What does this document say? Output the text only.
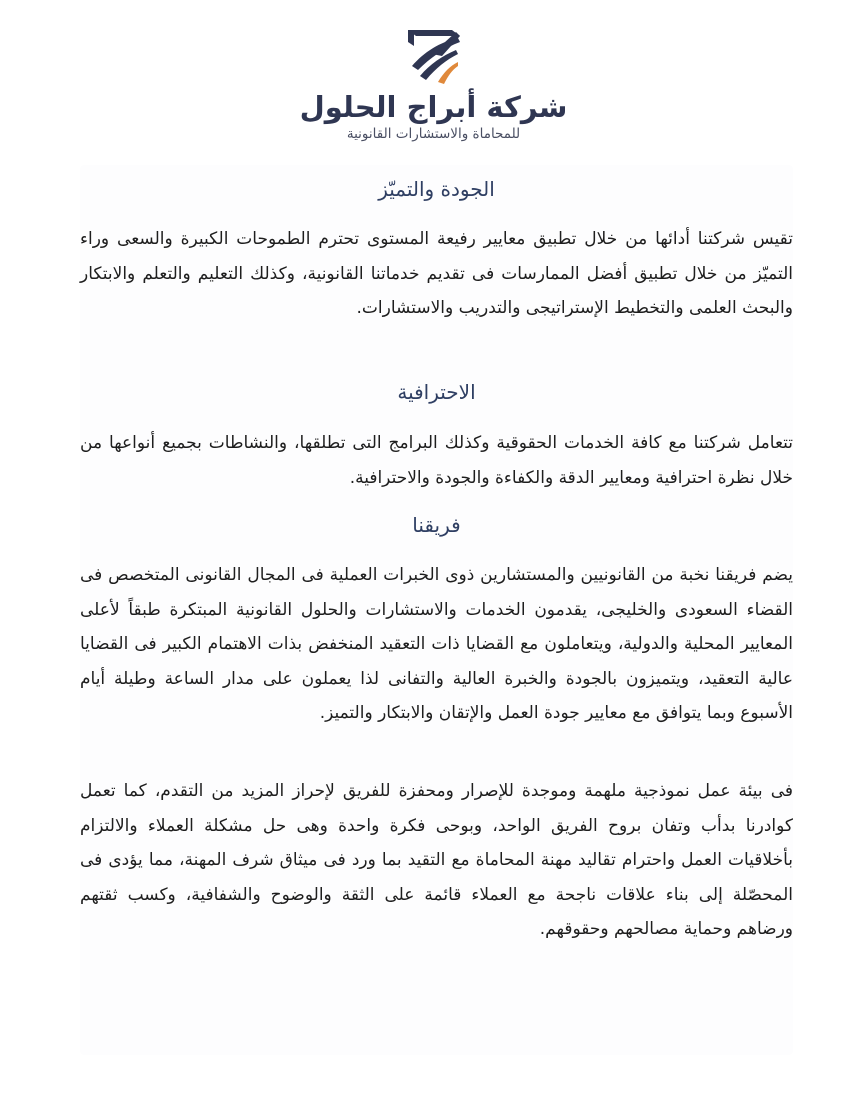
شركة أبراج الحلول
للمحاماة والاستشارات القانونية
الجودة والتميّز

تقيس شركتنا أدائها من خلال تطبيق معايير رفيعة المستوى تحترم الطموحات الكبيرة والسعى وراء التميّز من خلال تطبيق أفضل الممارسات فى تقديم خدماتنا القانونية، وكذلك التعليم والتعلم والابتكار والبحث العلمى والتخطيط الإستراتيجى والتدريب والاستشارات.

الاحترافية

تتعامل شركتنا مع كافة الخدمات الحقوقية وكذلك البرامج التى تطلقها، والنشاطات بجميع أنواعها من خلال نظرة احترافية ومعايير الدقة والكفاءة والجودة والاحترافية.

فريقنا

يضم فريقنا نخبة من القانونيين والمستشارين ذوى الخبرات العملية فى المجال القانونى المتخصص فى القضاء السعودى والخليجى، يقدمون الخدمات والاستشارات والحلول القانونية المبتكرة طبقاً لأعلى المعايير المحلية والدولية، ويتعاملون مع القضايا ذات التعقيد المنخفض بذات الاهتمام الكبير فى القضايا عالية التعقيد، ويتميزون بالجودة والخبرة العالية والتفانى لذا يعملون على مدار الساعة وطيلة أيام الأسبوع وبما يتوافق مع معايير جودة العمل والإتقان والابتكار والتميز.

فى بيئة عمل نموذجية ملهمة وموجدة للإصرار ومحفزة للفريق لإحراز المزيد من التقدم، كما تعمل كوادرنا بدأب وتفان بروح الفريق الواحد، وبوحى فكرة واحدة وهى حل مشكلة العملاء والالتزام بأخلاقيات العمل واحترام تقاليد مهنة المحاماة مع التقيد بما ورد فى ميثاق شرف المهنة، مما يؤدى فى المحصّلة إلى بناء علاقات ناجحة مع العملاء قائمة على الثقة والوضوح والشفافية، وكسب ثقتهم ورضاهم وحماية مصالحهم وحقوقهم.
